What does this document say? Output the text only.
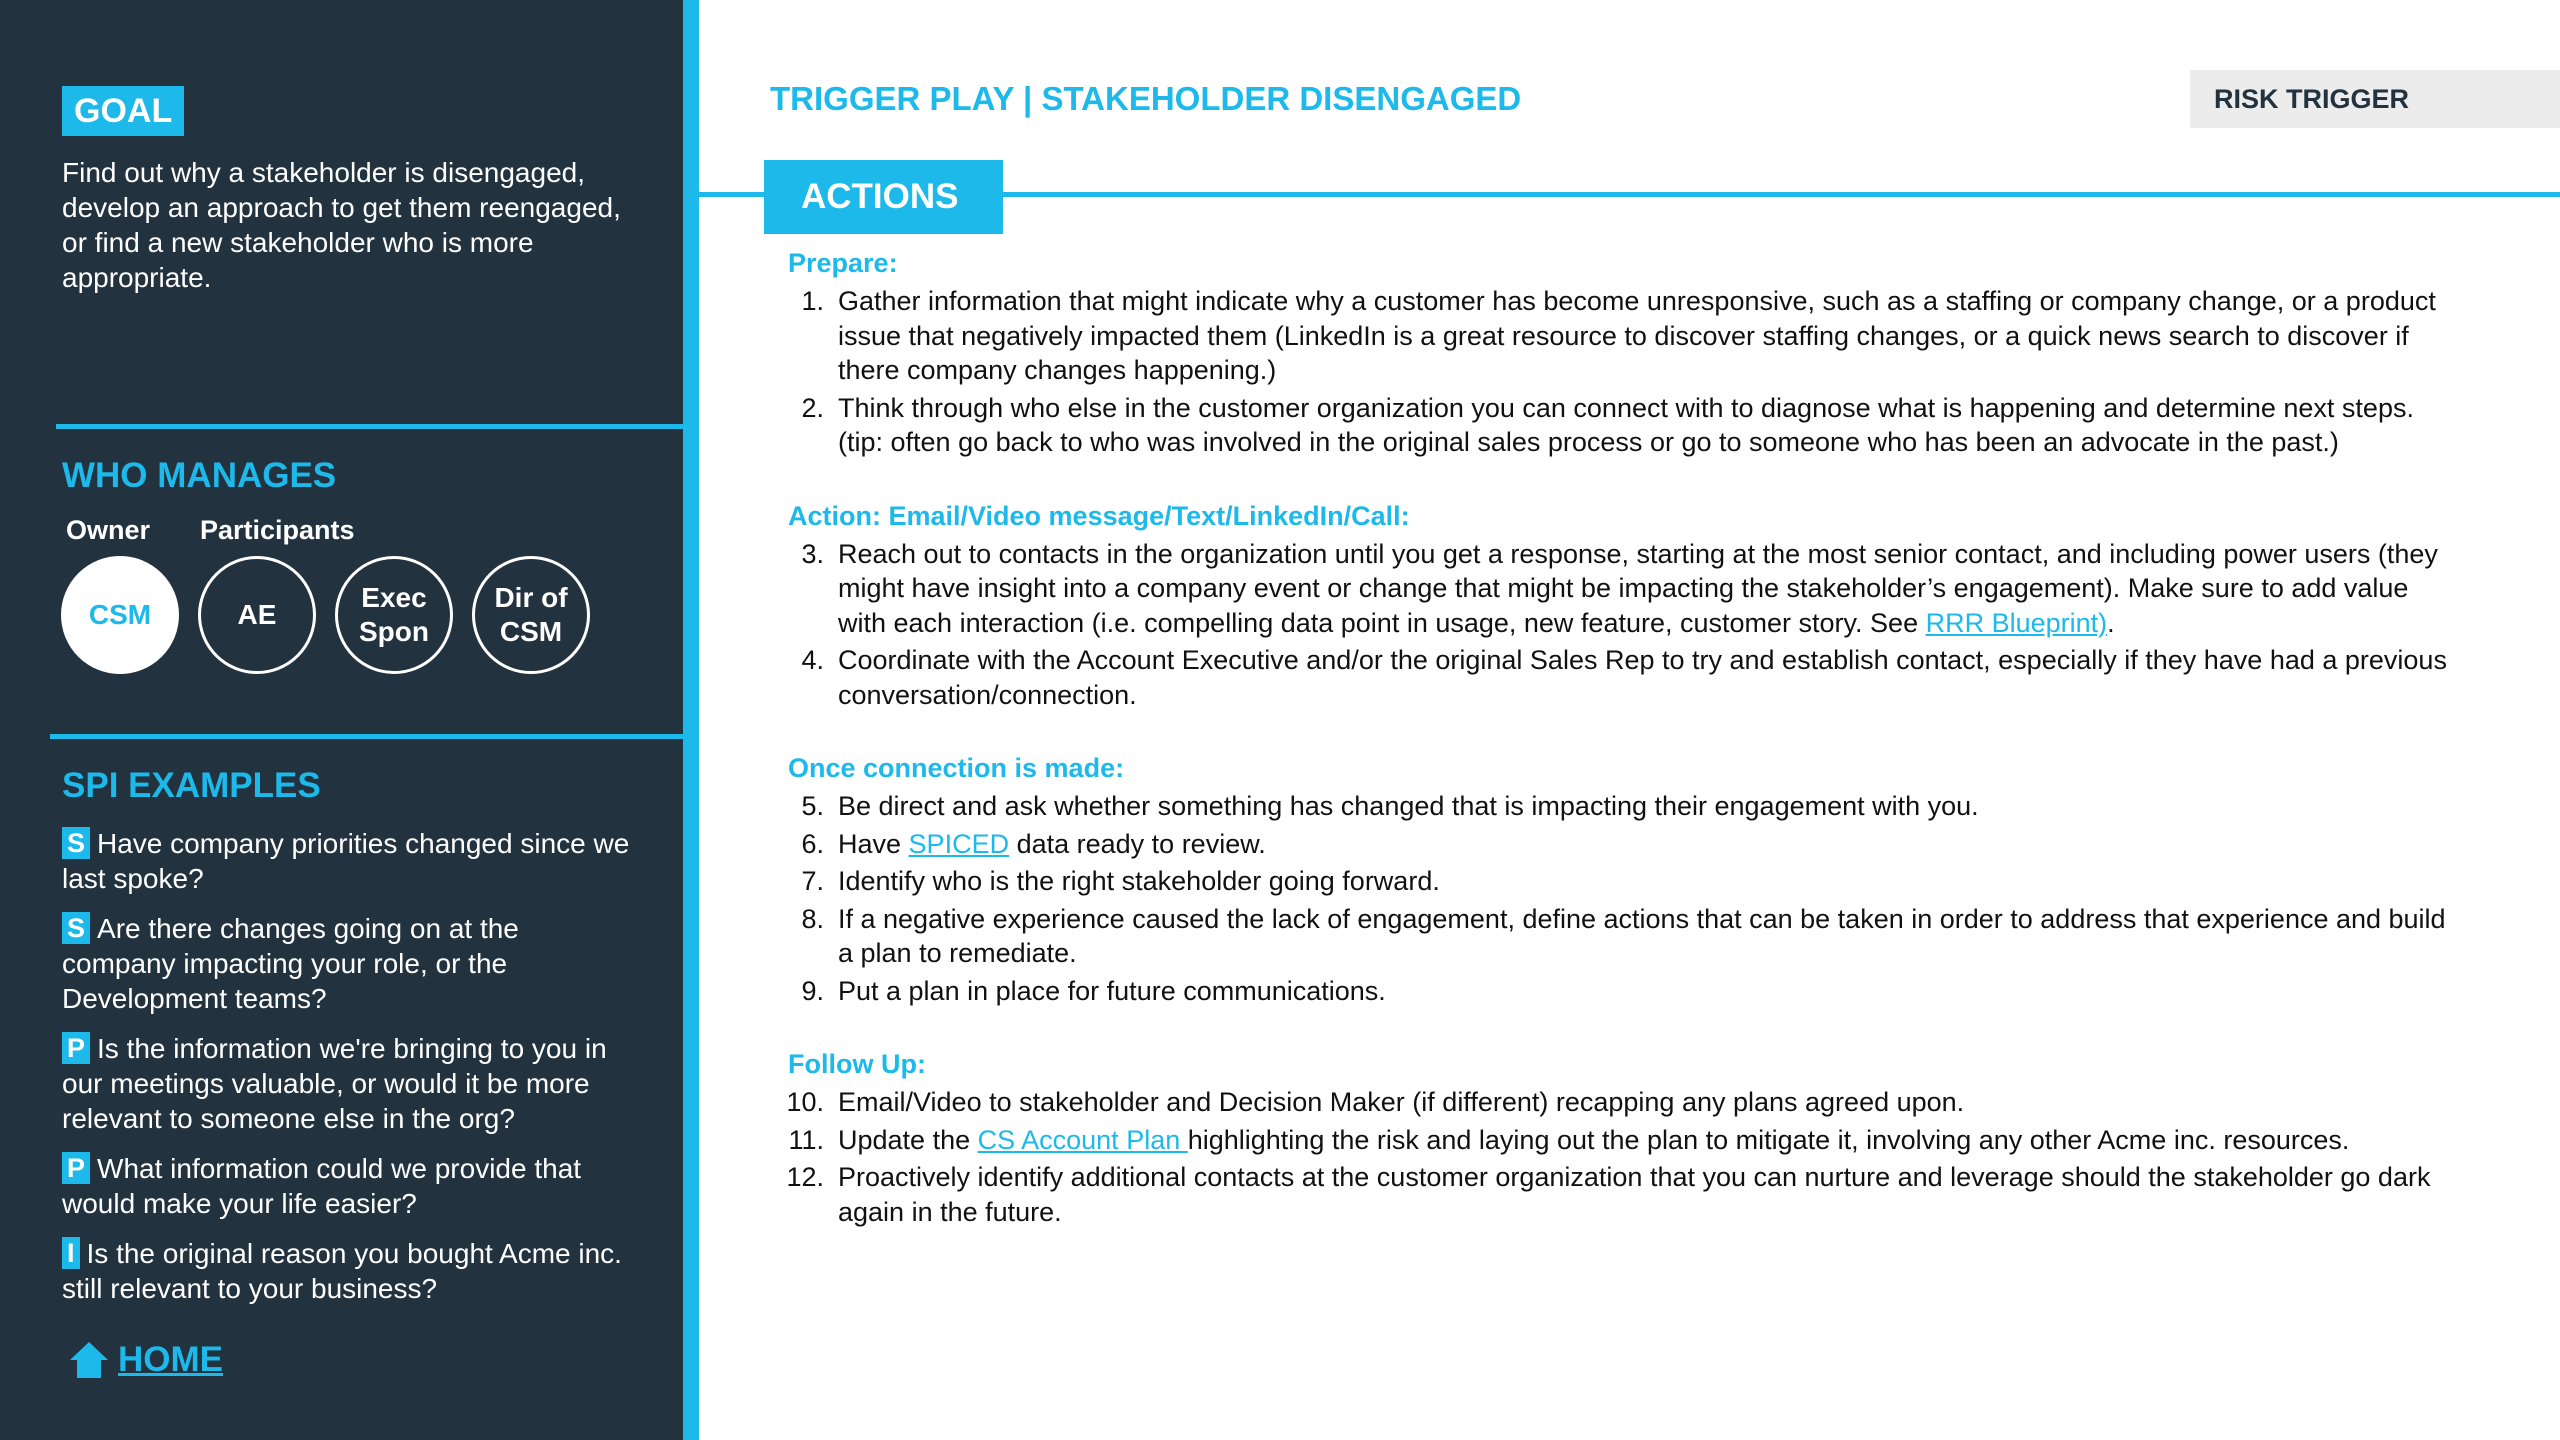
GOAL
Find out why a stakeholder is disengaged, develop an approach to get them reengaged, or find a new stakeholder who is more appropriate.
WHO MANAGES
Owner Participants
CSM	AE
Exec
Spon
Dir of
CSM
SPI EXAMPLES
S Have company priorities changed since we last spoke?
S Are there changes going on at the company impacting your role, or the Development teams?
P Is the information we're bringing to you in our meetings valuable, or would it be more relevant to someone else in the org?
P What information could we provide that would make your life easier?
I Is the original reason you bought Acme inc. still relevant to your business?
HOME
TRIGGER PLAY | STAKEHOLDER DISENGAGED	RISK TRIGGER
ACTIONS
Prepare:
1. Gather information that might indicate why a customer has become unresponsive, such as a staffing or company change, or a product issue that negatively impacted them (LinkedIn is a great resource to discover staffing changes, or a quick news search to discover if there company changes happening.)
2. Think through who else in the customer organization you can connect with to diagnose what is happening and determine next steps. (tip: often go back to who was involved in the original sales process or go to someone who has been an advocate in the past.)
Action: Email/Video message/Text/LinkedIn/Call:
3. Reach out to contacts in the organization until you get a response, starting at the most senior contact, and including power users (they might have insight into a company event or change that might be impacting the stakeholder’s engagement). Make sure to add value with each interaction (i.e. compelling data point in usage, new feature, customer story. See RRR Blueprint).
4. Coordinate with the Account Executive and/or the original Sales Rep to try and establish contact, especially if they have had a previous conversation/connection.
Once connection is made:
5. Be direct and ask whether something has changed that is impacting their engagement with you.
6. Have SPICED data ready to review.
7. Identify who is the right stakeholder going forward.
8. If a negative experience caused the lack of engagement, define actions that can be taken in order to address that experience and build a plan to remediate.
9. Put a plan in place for future communications.
Follow Up:
10. Email/Video to stakeholder and Decision Maker (if different) recapping any plans agreed upon.
11. Update the CS Account Plan highlighting the risk and laying out the plan to mitigate it, involving any other Acme inc. resources.
12. Proactively identify additional contacts at the customer organization that you can nurture and leverage should the stakeholder go dark again in the future.
